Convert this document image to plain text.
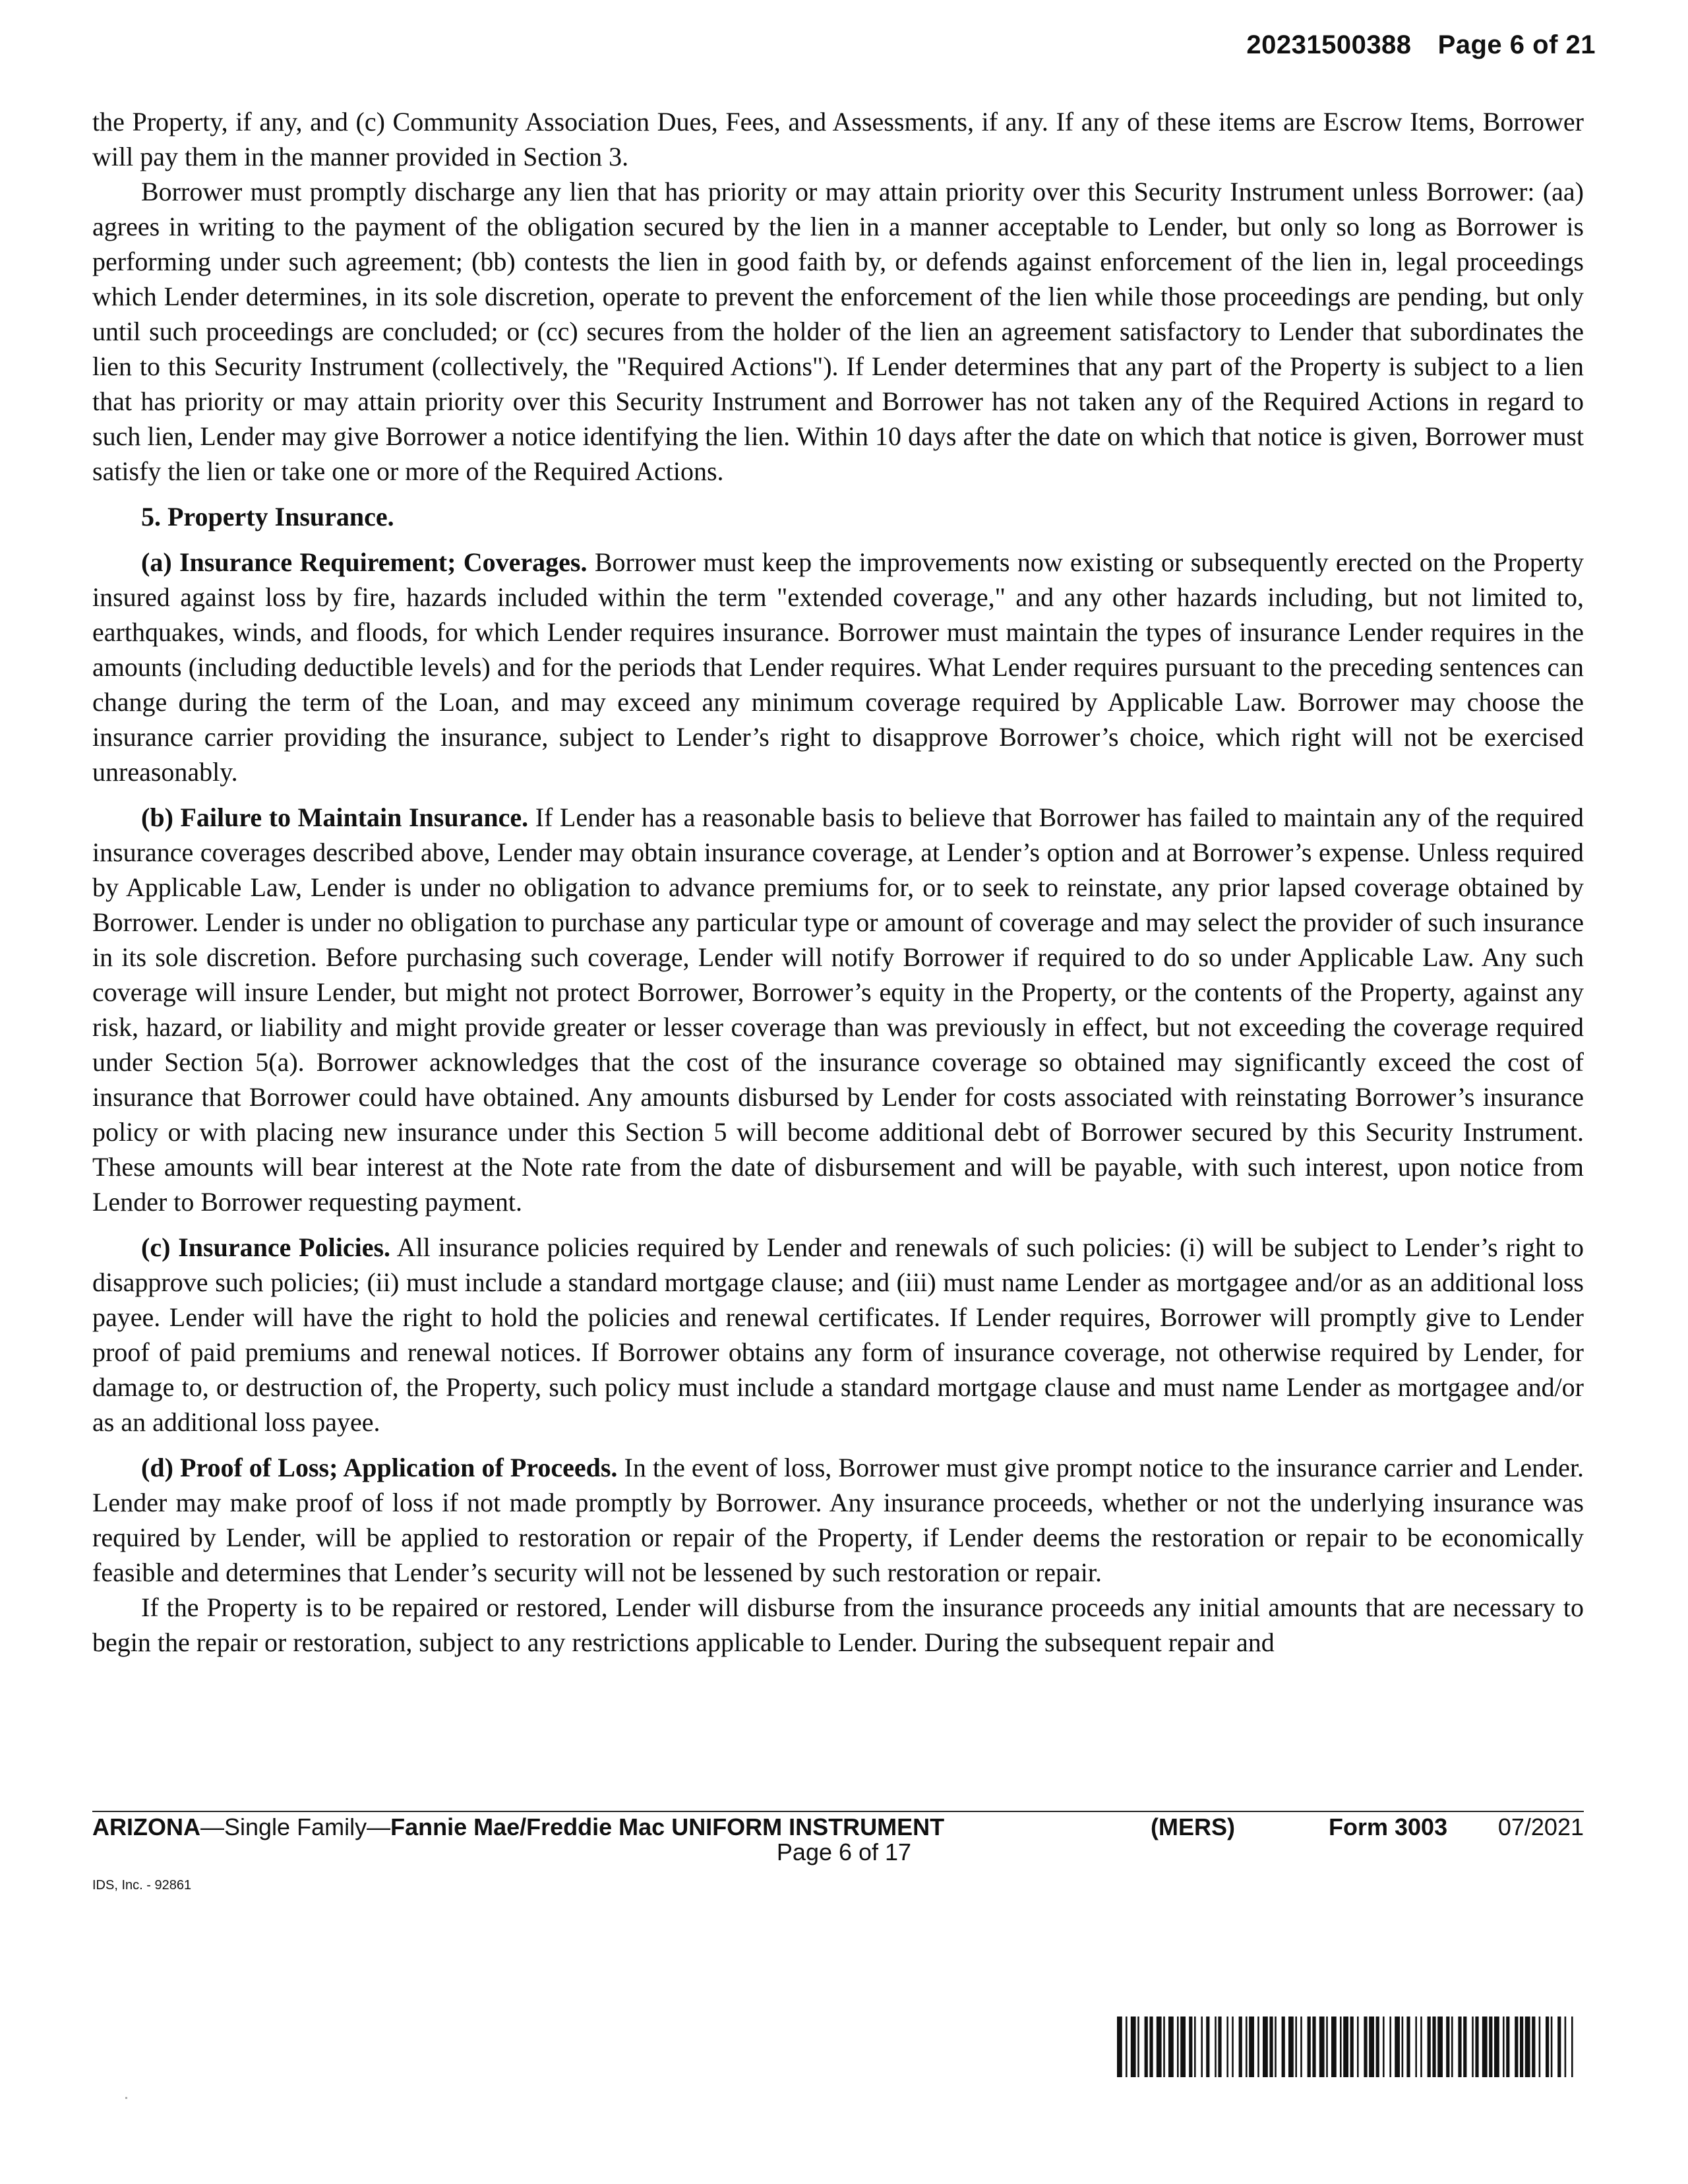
20231500388 Page 6 of 21

the Property, if any, and (c) Community Association Dues, Fees, and Assessments, if any. If any of these items are Escrow Items, Borrower will pay them in the manner provided in Section 3.

Borrower must promptly discharge any lien that has priority or may attain priority over this Security Instrument unless Borrower: (aa) agrees in writing to the payment of the obligation secured by the lien in a manner acceptable to Lender, but only so long as Borrower is performing under such agreement; (bb) contests the lien in good faith by, or defends against enforcement of the lien in, legal proceedings which Lender determines, in its sole discretion, operate to prevent the enforcement of the lien while those proceedings are pending, but only until such proceedings are concluded; or (cc) secures from the holder of the lien an agreement satisfactory to Lender that subordinates the lien to this Security Instrument (collectively, the "Required Actions"). If Lender determines that any part of the Property is subject to a lien that has priority or may attain priority over this Security Instrument and Borrower has not taken any of the Required Actions in regard to such lien, Lender may give Borrower a notice identifying the lien. Within 10 days after the date on which that notice is given, Borrower must satisfy the lien or take one or more of the Required Actions.

5. Property Insurance.

(a) Insurance Requirement; Coverages. Borrower must keep the improvements now existing or subsequently erected on the Property insured against loss by fire, hazards included within the term "extended coverage," and any other hazards including, but not limited to, earthquakes, winds, and floods, for which Lender requires insurance. Borrower must maintain the types of insurance Lender requires in the amounts (including deductible levels) and for the periods that Lender requires. What Lender requires pursuant to the preceding sentences can change during the term of the Loan, and may exceed any minimum coverage required by Applicable Law. Borrower may choose the insurance carrier providing the insurance, subject to Lender’s right to disapprove Borrower’s choice, which right will not be exercised unreasonably.

(b) Failure to Maintain Insurance. If Lender has a reasonable basis to believe that Borrower has failed to maintain any of the required insurance coverages described above, Lender may obtain insurance coverage, at Lender’s option and at Borrower’s expense. Unless required by Applicable Law, Lender is under no obligation to advance premiums for, or to seek to reinstate, any prior lapsed coverage obtained by Borrower. Lender is under no obligation to purchase any particular type or amount of coverage and may select the provider of such insurance in its sole discretion. Before purchasing such coverage, Lender will notify Borrower if required to do so under Applicable Law. Any such coverage will insure Lender, but might not protect Borrower, Borrower’s equity in the Property, or the contents of the Property, against any risk, hazard, or liability and might provide greater or lesser coverage than was previously in effect, but not exceeding the coverage required under Section 5(a). Borrower acknowledges that the cost of the insurance coverage so obtained may significantly exceed the cost of insurance that Borrower could have obtained. Any amounts disbursed by Lender for costs associated with reinstating Borrower’s insurance policy or with placing new insurance under this Section 5 will become additional debt of Borrower secured by this Security Instrument. These amounts will bear interest at the Note rate from the date of disbursement and will be payable, with such interest, upon notice from Lender to Borrower requesting payment.

(c) Insurance Policies. All insurance policies required by Lender and renewals of such policies: (i) will be subject to Lender’s right to disapprove such policies; (ii) must include a standard mortgage clause; and (iii) must name Lender as mortgagee and/or as an additional loss payee. Lender will have the right to hold the policies and renewal certificates. If Lender requires, Borrower will promptly give to Lender proof of paid premiums and renewal notices. If Borrower obtains any form of insurance coverage, not otherwise required by Lender, for damage to, or destruction of, the Property, such policy must include a standard mortgage clause and must name Lender as mortgagee and/or as an additional loss payee.

(d) Proof of Loss; Application of Proceeds. In the event of loss, Borrower must give prompt notice to the insurance carrier and Lender. Lender may make proof of loss if not made promptly by Borrower. Any insurance proceeds, whether or not the underlying insurance was required by Lender, will be applied to restoration or repair of the Property, if Lender deems the restoration or repair to be economically feasible and determines that Lender’s security will not be lessened by such restoration or repair.

If the Property is to be repaired or restored, Lender will disburse from the insurance proceeds any initial amounts that are necessary to begin the repair or restoration, subject to any restrictions applicable to Lender. During the subsequent repair and

ARIZONA—Single Family—Fannie Mae/Freddie Mac UNIFORM INSTRUMENT	(MERS)	Form 3003 07/2021
Page 6 of 17
IDS, Inc. - 92861
